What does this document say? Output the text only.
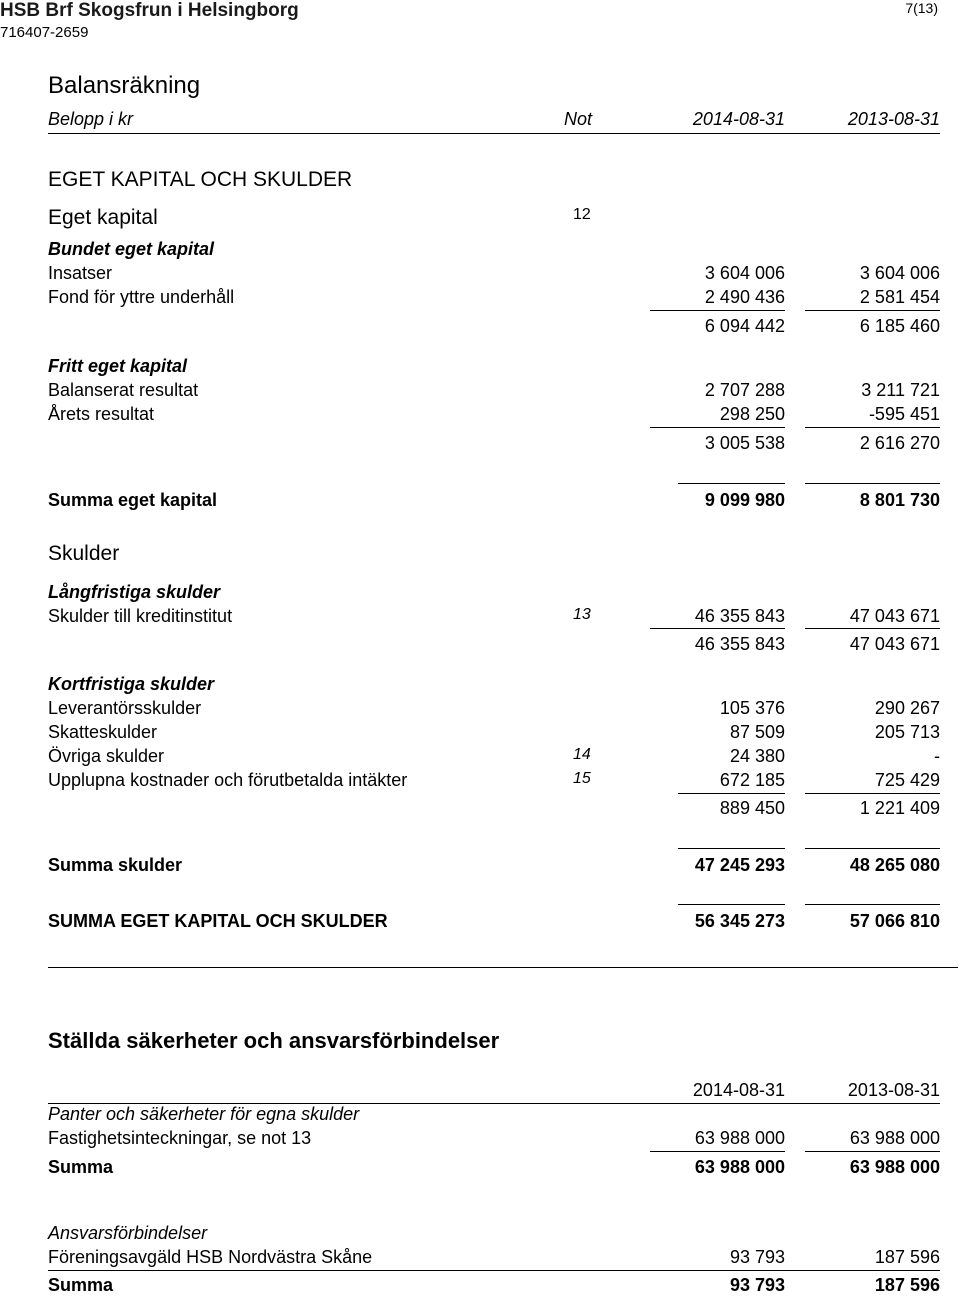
HSB Brf Skogsfrun i Helsingborg
716407-2659
7(13)
Balansräkning
Belopp i kr	Not	2014-08-31	2013-08-31
EGET KAPITAL OCH SKULDER
Eget kapital	12
Bundet eget kapital
Insatser	3 604 006	3 604 006
Fond för yttre underhåll	2 490 436	2 581 454
6 094 442	6 185 460
Fritt eget kapital
Balanserat resultat	2 707 288	3 211 721
Årets resultat	298 250	-595 451
3 005 538	2 616 270
Summa eget kapital	9 099 980	8 801 730
Skulder
Långfristiga skulder
Skulder till kreditinstitut	13	46 355 843	47 043 671
46 355 843	47 043 671
Kortfristiga skulder
Leverantörsskulder	105 376	290 267
Skatteskulder	87 509	205 713
Övriga skulder	14	24 380	-
Upplupna kostnader och förutbetalda intäkter	15	672 185	725 429
889 450	1 221 409
Summa skulder	47 245 293	48 265 080
SUMMA EGET KAPITAL OCH SKULDER	56 345 273	57 066 810
Ställda säkerheter och ansvarsförbindelser
2014-08-31	2013-08-31
Panter och säkerheter för egna skulder
Fastighetsinteckningar, se not 13	63 988 000	63 988 000
Summa	63 988 000	63 988 000
Ansvarsförbindelser
Föreningsavgäld HSB Nordvästra Skåne	93 793	187 596
Summa	93 793	187 596
